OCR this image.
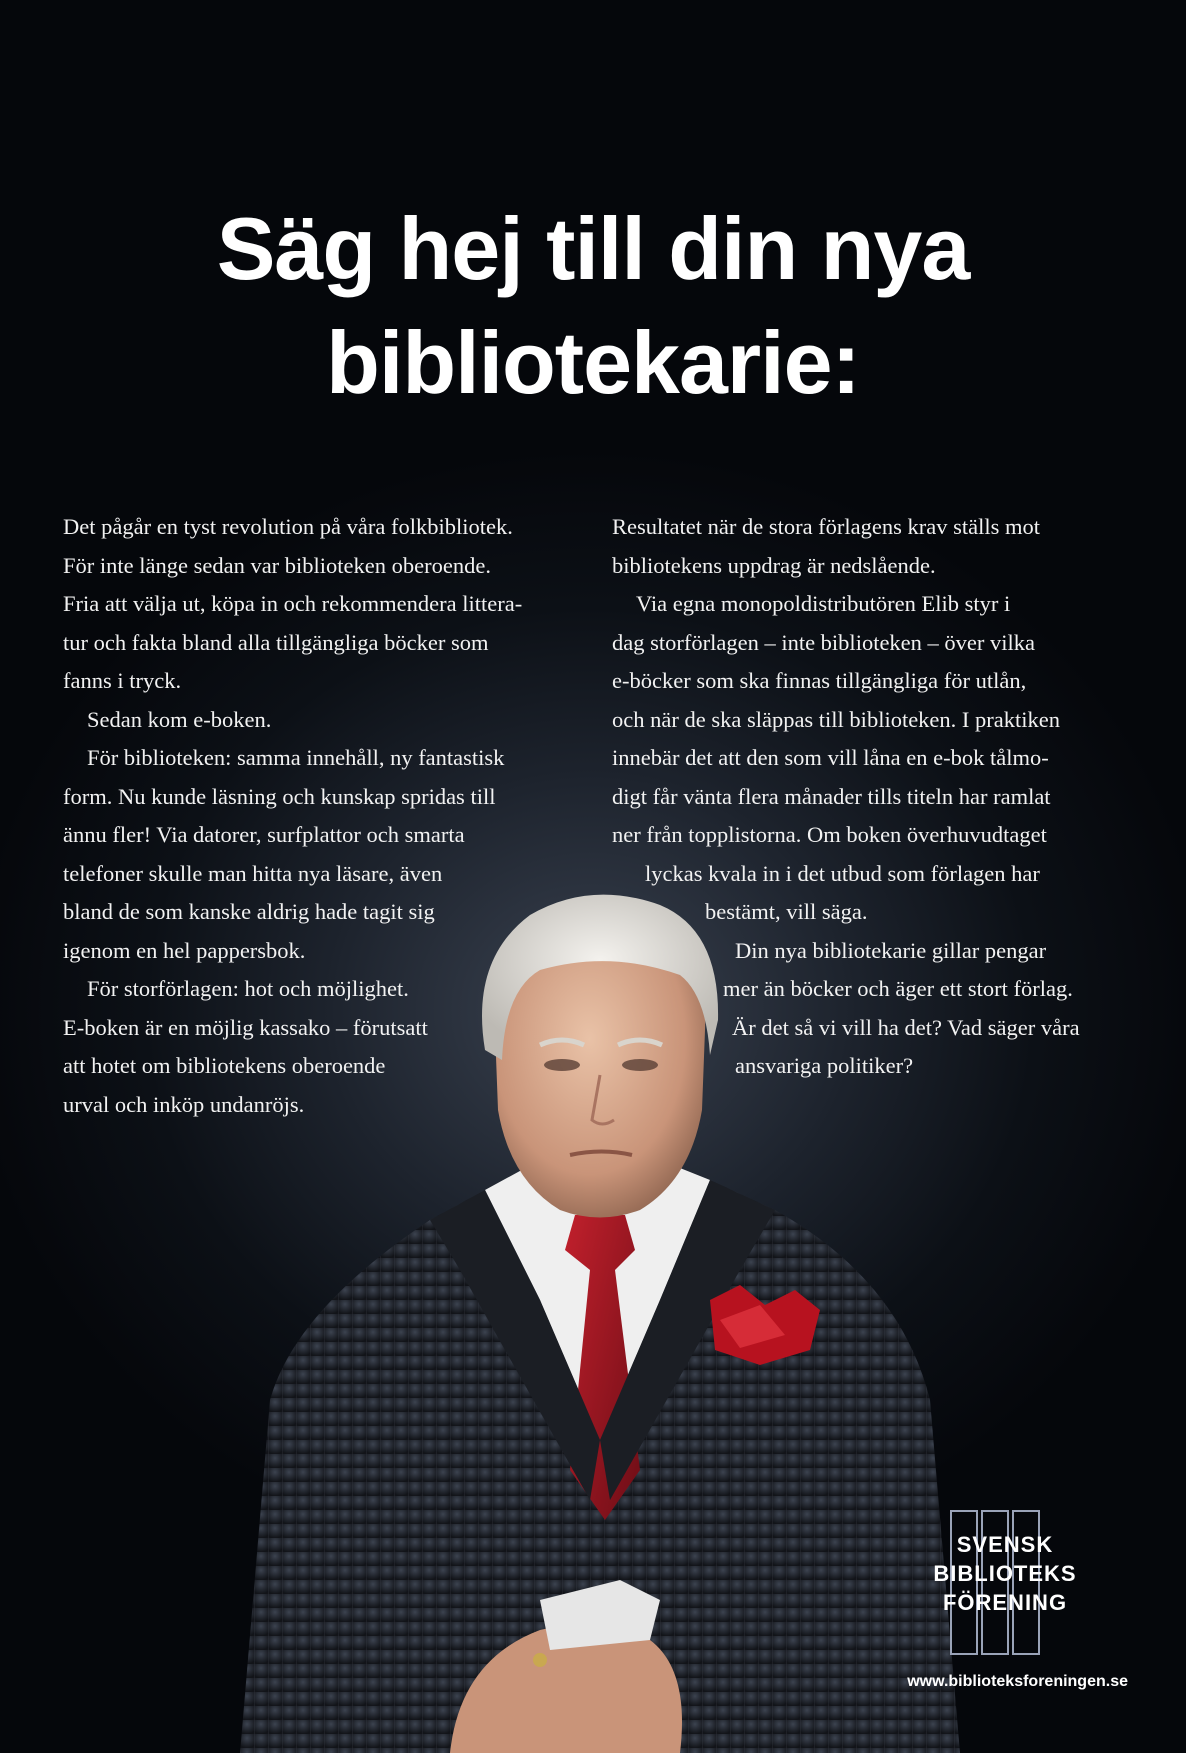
Säg hej till din nya
bibliotekarie:
Det pågår en tyst revolution på våra folkbibliotek.
För inte länge sedan var biblioteken oberoende.
Fria att välja ut, köpa in och rekommendera littera-
tur och fakta bland alla tillgängliga böcker som
fanns i tryck.
Sedan kom e-boken.
För biblioteken: samma innehåll, ny fantastisk
form. Nu kunde läsning och kunskap spridas till
ännu fler! Via datorer, surfplattor och smarta
telefoner skulle man hitta nya läsare, även
bland de som kanske aldrig hade tagit sig
igenom en hel pappersbok.
För storförlagen: hot och möjlighet.
E-boken är en möjlig kassako – förutsatt
att hotet om bibliotekens oberoende
urval och inköp undanröjs.
Resultatet när de stora förlagens krav ställs mot
bibliotekens uppdrag är nedslående.
Via egna monopoldistributören Elib styr i
dag storförlagen – inte biblioteken – över vilka
e-böcker som ska finnas tillgängliga för utlån,
och när de ska släppas till biblioteken. I praktiken
innebär det att den som vill låna en e-bok tålmo-
digt får vänta flera månader tills titeln har ramlat
ner från topplistorna. Om boken överhuvudtaget
lyckas kvala in i det utbud som förlagen har
bestämt, vill säga.
Din nya bibliotekarie gillar pengar
mer än böcker och äger ett stort förlag.
Är det så vi vill ha det? Vad säger våra
ansvariga politiker?
SVENSK
BIBLIOTEKS
FÖRENING
www.biblioteksforeningen.se
